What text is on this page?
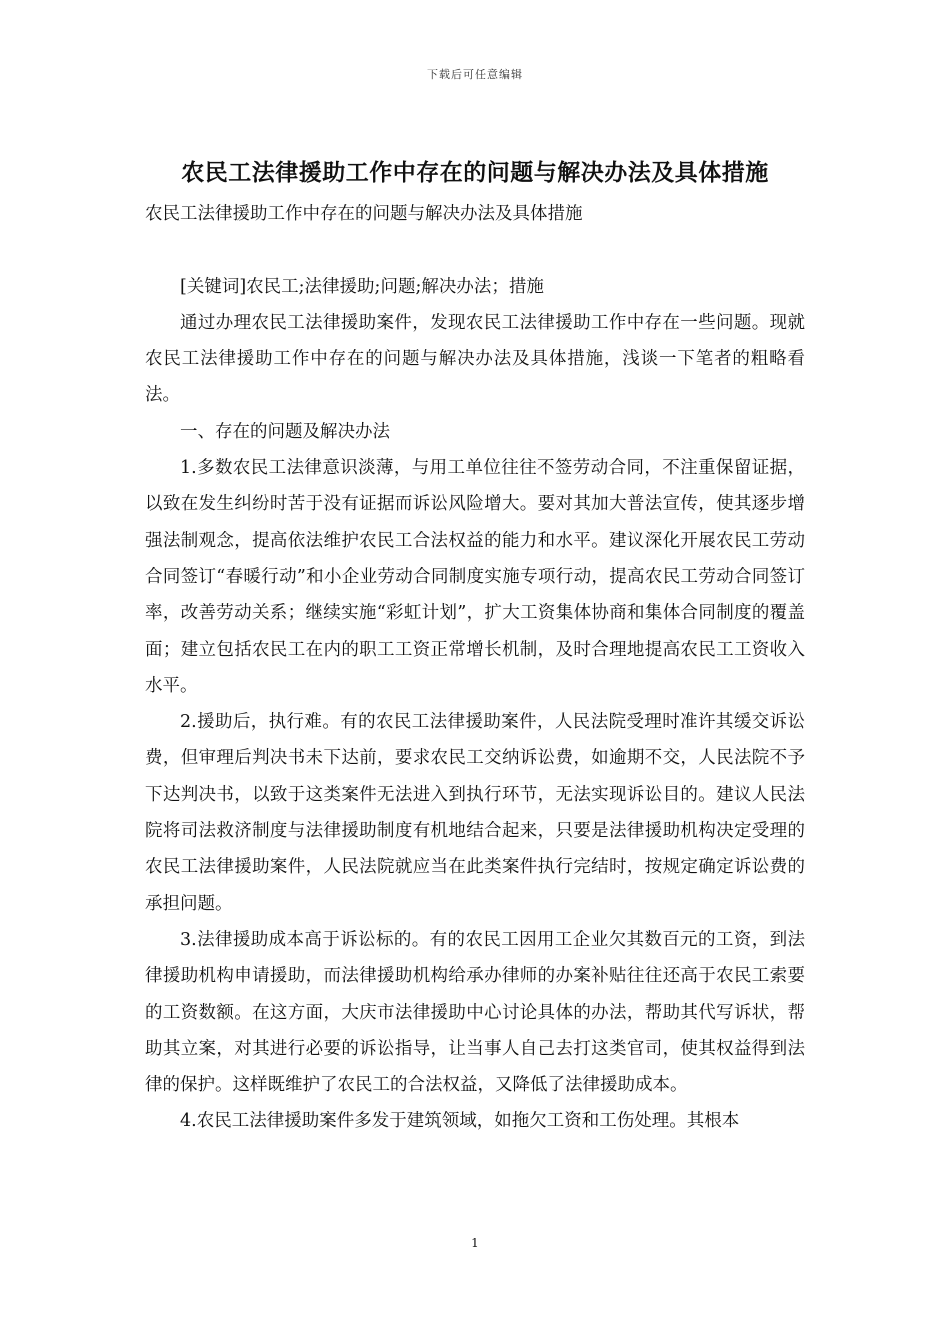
下载后可任意编辑
农民工法律援助工作中存在的问题与解决办法及具体措施

农民工法律援助工作中存在的问题与解决办法及具体措施

[关键词]农民工;法律援助;问题;解决办法；措施

通过办理农民工法律援助案件，发现农民工法律援助工作中存在一些问题。现就农民工法律援助工作中存在的问题与解决办法及具体措施，浅谈一下笔者的粗略看法。

一、存在的问题及解决办法

1.多数农民工法律意识淡薄，与用工单位往往不签劳动合同，不注重保留证据，以致在发生纠纷时苦于没有证据而诉讼风险增大。要对其加大普法宣传，使其逐步增强法制观念，提高依法维护农民工合法权益的能力和水平。建议深化开展农民工劳动合同签订“春暖行动”和小企业劳动合同制度实施专项行动，提高农民工劳动合同签订率，改善劳动关系；继续实施“彩虹计划”，扩大工资集体协商和集体合同制度的覆盖面；建立包括农民工在内的职工工资正常增长机制，及时合理地提高农民工工资收入水平。

2.援助后，执行难。有的农民工法律援助案件，人民法院受理时准许其缓交诉讼费，但审理后判决书未下达前，要求农民工交纳诉讼费，如逾期不交，人民法院不予下达判决书，以致于这类案件无法进入到执行环节，无法实现诉讼目的。建议人民法院将司法救济制度与法律援助制度有机地结合起来，只要是法律援助机构决定受理的农民工法律援助案件，人民法院就应当在此类案件执行完结时，按规定确定诉讼费的承担问题。

3.法律援助成本高于诉讼标的。有的农民工因用工企业欠其数百元的工资，到法律援助机构申请援助，而法律援助机构给承办律师的办案补贴往往还高于农民工索要的工资数额。在这方面，大庆市法律援助中心讨论具体的办法，帮助其代写诉状，帮助其立案，对其进行必要的诉讼指导，让当事人自己去打这类官司，使其权益得到法律的保护。这样既维护了农民工的合法权益，又降低了法律援助成本。

4.农民工法律援助案件多发于建筑领域，如拖欠工资和工伤处理。其根本

1
